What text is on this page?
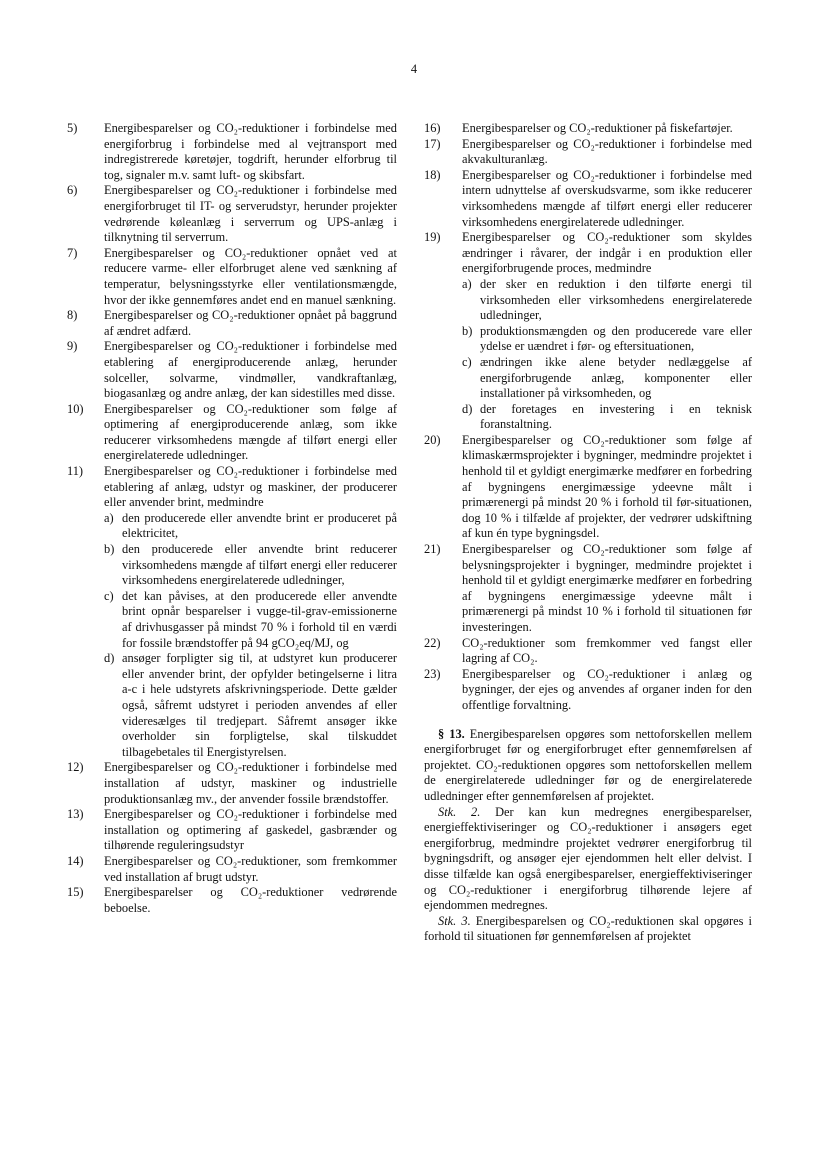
4
5)	Energibesparelser og CO₂-reduktioner i forbindelse med energiforbrug i forbindelse med al vejtransport med indregistrerede køretøjer, togdrift, herunder elforbrug til tog, signaler m.v. samt luft- og skibsfart.
6)	Energibesparelser og CO₂-reduktioner i forbindelse med energiforbruget til IT- og serverudstyr, herunder projekter vedrørende køleanlæg i serverrum og UPS-anlæg i tilknytning til serverrum.
7)	Energibesparelser og CO₂-reduktioner opnået ved at reducere varme- eller elforbruget alene ved sænkning af temperatur, belysningsstyrke eller ventilationsmængde, hvor der ikke gennemføres andet end en manuel sænkning.
8)	Energibesparelser og CO₂-reduktioner opnået på baggrund af ændret adfærd.
9)	Energibesparelser og CO₂-reduktioner i forbindelse med etablering af energiproducerende anlæg, herunder solceller, solvarme, vindmøller, vandkraftanlæg, biogasanlæg og andre anlæg, der kan sidestilles med disse.
10)	Energibesparelser og CO₂-reduktioner som følge af optimering af energiproducerende anlæg, som ikke reducerer virksomhedens mængde af tilført energi eller energirelaterede udledninger.
11)	Energibesparelser og CO₂-reduktioner i forbindelse med etablering af anlæg, udstyr og maskiner, der producerer eller anvender brint, medmindre
a) den producerede eller anvendte brint er produceret på elektricitet,
b) den producerede eller anvendte brint reducerer virksomhedens mængde af tilført energi eller reducerer virksomhedens energirelaterede udledninger,
c) det kan påvises, at den producerede eller anvendte brint opnår besparelser i vugge-til-grav-emissionerne af drivhusgasser på mindst 70 % i forhold til en værdi for fossile brændstoffer på 94 gCO₂eq/MJ, og
d) ansøger forpligter sig til, at udstyret kun producerer eller anvender brint, der opfylder betingelserne i litra a-c i hele udstyrets afskrivningsperiode. Dette gælder også, såfremt udstyret i perioden anvendes af eller videresælges til tredjepart. Såfremt ansøger ikke overholder sin forpligtelse, skal tilskuddet tilbagebetales til Energistyrelsen.
12)	Energibesparelser og CO₂-reduktioner i forbindelse med installation af udstyr, maskiner og industrielle produktionsanlæg mv., der anvender fossile brændstoffer.
13)	Energibesparelser og CO₂-reduktioner i forbindelse med installation og optimering af gaskedel, gasbrænder og tilhørende reguleringsudstyr
14)	Energibesparelser og CO₂-reduktioner, som fremkommer ved installation af brugt udstyr.
15)	Energibesparelser og CO₂-reduktioner vedrørende beboelse.
16)	Energibesparelser og CO₂-reduktioner på fiskefartøjer.
17)	Energibesparelser og CO₂-reduktioner i forbindelse med akvakulturanlæg.
18)	Energibesparelser og CO₂-reduktioner i forbindelse med intern udnyttelse af overskudsvarme, som ikke reducerer virksomhedens mængde af tilført energi eller reducerer virksomhedens energirelaterede udledninger.
19)	Energibesparelser og CO₂-reduktioner som skyldes ændringer i råvarer, der indgår i en produktion eller energiforbrugende proces, medmindre
a) der sker en reduktion i den tilførte energi til virksomheden eller virksomhedens energirelaterede udledninger,
b) produktionsmængden og den producerede vare eller ydelse er uændret i før- og eftersituationen,
c) ændringen ikke alene betyder nedlæggelse af energiforbrugende anlæg, komponenter eller installationer på virksomheden, og
d) der foretages en investering i en teknisk foranstaltning.
20)	Energibesparelser og CO₂-reduktioner som følge af klimaskærmsprojekter i bygninger, medmindre projektet i henhold til et gyldigt energimærke medfører en forbedring af bygningens energimæssige ydeevne målt i primærenergi på mindst 20 % i forhold til før-situationen, dog 10 % i tilfælde af projekter, der vedrører udskiftning af kun én type bygningsdel.
21)	Energibesparelser og CO₂-reduktioner som følge af belysningsprojekter i bygninger, medmindre projektet i henhold til et gyldigt energimærke medfører en forbedring af bygningens energimæssige ydeevne målt i primærenergi på mindst 10 % i forhold til situationen før investeringen.
22)	CO₂-reduktioner som fremkommer ved fangst eller lagring af CO₂.
23)	Energibesparelser og CO₂-reduktioner i anlæg og bygninger, der ejes og anvendes af organer inden for den offentlige forvaltning.
§ 13. Energibesparelsen opgøres som nettoforskellen mellem energiforbruget før og energiforbruget efter gennemførelsen af projektet. CO₂-reduktionen opgøres som nettoforskellen mellem de energirelaterede udledninger før og de energirelaterede udledninger efter gennemførelsen af projektet.
Stk. 2. Der kan kun medregnes energibesparelser, energieffektiviseringer og CO₂-reduktioner i ansøgers eget energiforbrug, medmindre projektet vedrører energiforbrug til bygningsdrift, og ansøger ejer ejendommen helt eller delvist. I disse tilfælde kan også energibesparelser, energieffektiviseringer og CO₂-reduktioner i energiforbrug tilhørende lejere af ejendommen medregnes.
Stk. 3. Energibesparelsen og CO₂-reduktionen skal opgøres i forhold til situationen før gennemførelsen af projektet
